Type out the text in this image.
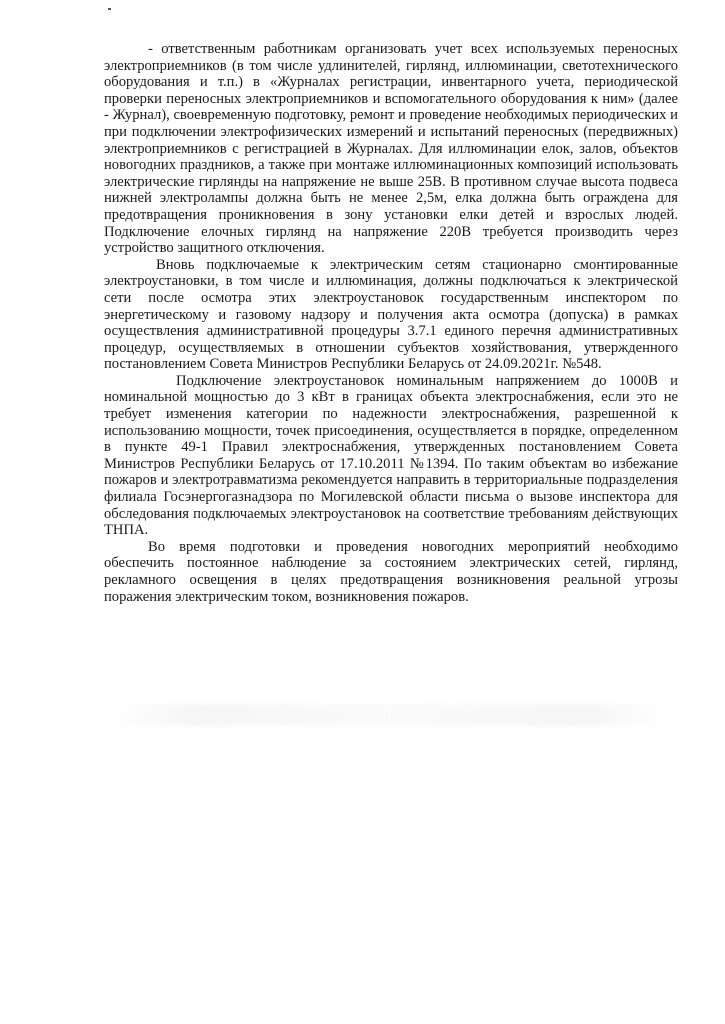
- ответственным работникам организовать учет всех используемых переносных электроприемников (в том числе удлинителей, гирлянд, иллюминации, светотехнического оборудования и т.п.) в «Журналах регистрации, инвентарного учета, периодической проверки переносных электроприемников и вспомогательного оборудования к ним» (далее - Журнал), своевременную подготовку, ремонт и проведение необходимых периодических и при подключении электрофизических измерений и испытаний переносных (передвижных) электроприемников с регистрацией в Журналах. Для иллюминации елок, залов, объектов новогодних праздников, а также при монтаже иллюминационных композиций использовать электрические гирлянды на напряжение не выше 25В. В противном случае высота подвеса нижней электролампы должна быть не менее 2,5м, елка должна быть ограждена для предотвращения проникновения в зону установки елки детей и взрослых людей. Подключение елочных гирлянд на напряжение 220В требуется производить через устройство защитного отключения.

Вновь подключаемые к электрическим сетям стационарно смонтированные электроустановки, в том числе и иллюминация, должны подключаться к электрической сети после осмотра этих электроустановок государственным инспектором по энергетическому и газовому надзору и получения акта осмотра (допуска) в рамках осуществления административной процедуры 3.7.1 единого перечня административных процедур, осуществляемых в отношении субъектов хозяйствования, утвержденного постановлением Совета Министров Республики Беларусь от 24.09.2021г. №548.

Подключение электроустановок номинальным напряжением до 1000В и номинальной мощностью до 3 кВт в границах объекта электроснабжения, если это не требует изменения категории по надежности электроснабжения, разрешенной к использованию мощности, точек присоединения, осуществляется в порядке, определенном в пункте 49-1 Правил электроснабжения, утвержденных постановлением Совета Министров Республики Беларусь от 17.10.2011 №1394. По таким объектам во избежание пожаров и электротравматизма рекомендуется направить в территориальные подразделения филиала Госэнергогазнадзора по Могилевской области письма о вызове инспектора для обследования подключаемых электроустановок на соответствие требованиям действующих ТНПА.

Во время подготовки и проведения новогодних мероприятий необходимо обеспечить постоянное наблюдение за состоянием электрических сетей, гирлянд, рекламного освещения в целях предотвращения возникновения реальной угрозы поражения электрическим током, возникновения пожаров.
